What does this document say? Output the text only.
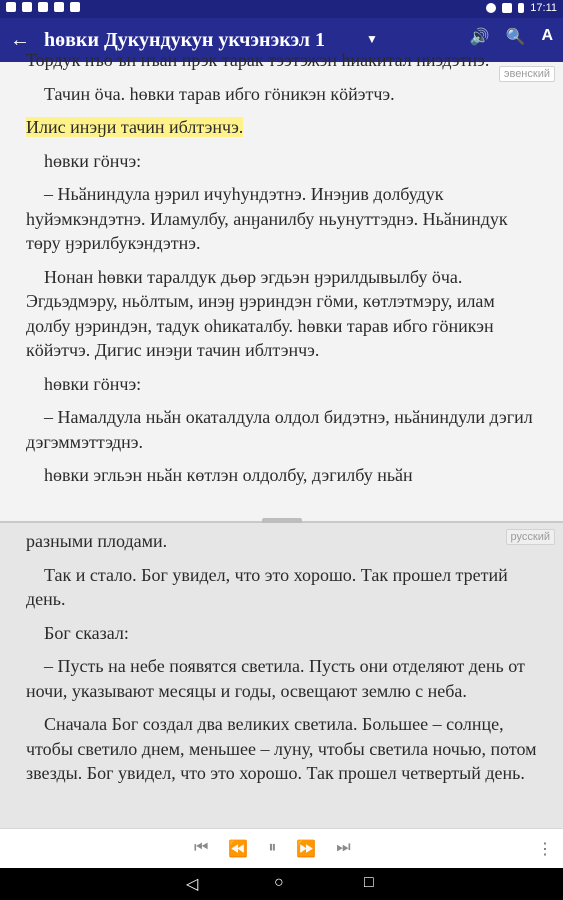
17:11
← һөвки Дукундукун укчэнэкэл 1	▼	🔊 🔍 A
эвенский

Тордук нъо ън нъан прэк тарак тээтэжэн һиакитал ниэдэтнэ.

Тачин ӧча. һөвки тарав ибго гӧникэн кӧйэтчэ.

Илис инэӈи тачин иблтэнчэ.

һөвки гӧнчэ:

– Ньӑниндула ӈэрил ичуһундэтнэ. Инэӈив долбудук һуйэмкэндэтнэ. Иламулбу, анӈанилбу ньунуттэднэ. Ньӑниндук төру ӈэрилбукэндэтнэ.

Нонан һөвки таралдук дьөр эгдьэн ӈэрилдывылбу ӧча. Эгдьэдмэру, ньӧлтым, инэӈ ӈэриндэн гӧми, көтлэтмэру, илам долбу ӈэриндэн, тадук оһикаталбу. һөвки тарав ибго гӧникэн кӧйэтчэ. Дигис инэӈи тачин иблтэнчэ.

һөвки гӧнчэ:

– Намалдула ньӑн окаталдула олдол бидэтнэ, ньӑниндули дэгил дэгэммэттэднэ.

һөвки эгльэн ньӑн көтлэн олдолбу, дэгилбу ньӑн

русский

разными плодами.

Так и стало. Бог увидел, что это хорошо. Так прошел третий день.

Бог сказал:

– Пусть на небе появятся светила. Пусть они отделяют день от ночи, указывают месяцы и годы, освещают землю с неба.

Сначала Бог создал два великих светила. Большее – солнце, чтобы светило днем, меньшее – луну, чтобы светила ночью, потом звезды. Бог увидел, что это хорошо. Так прошел четвертый день.

⏮ ⏪ ⏸ ⏩ ⏭	⋮
◁	○	□
